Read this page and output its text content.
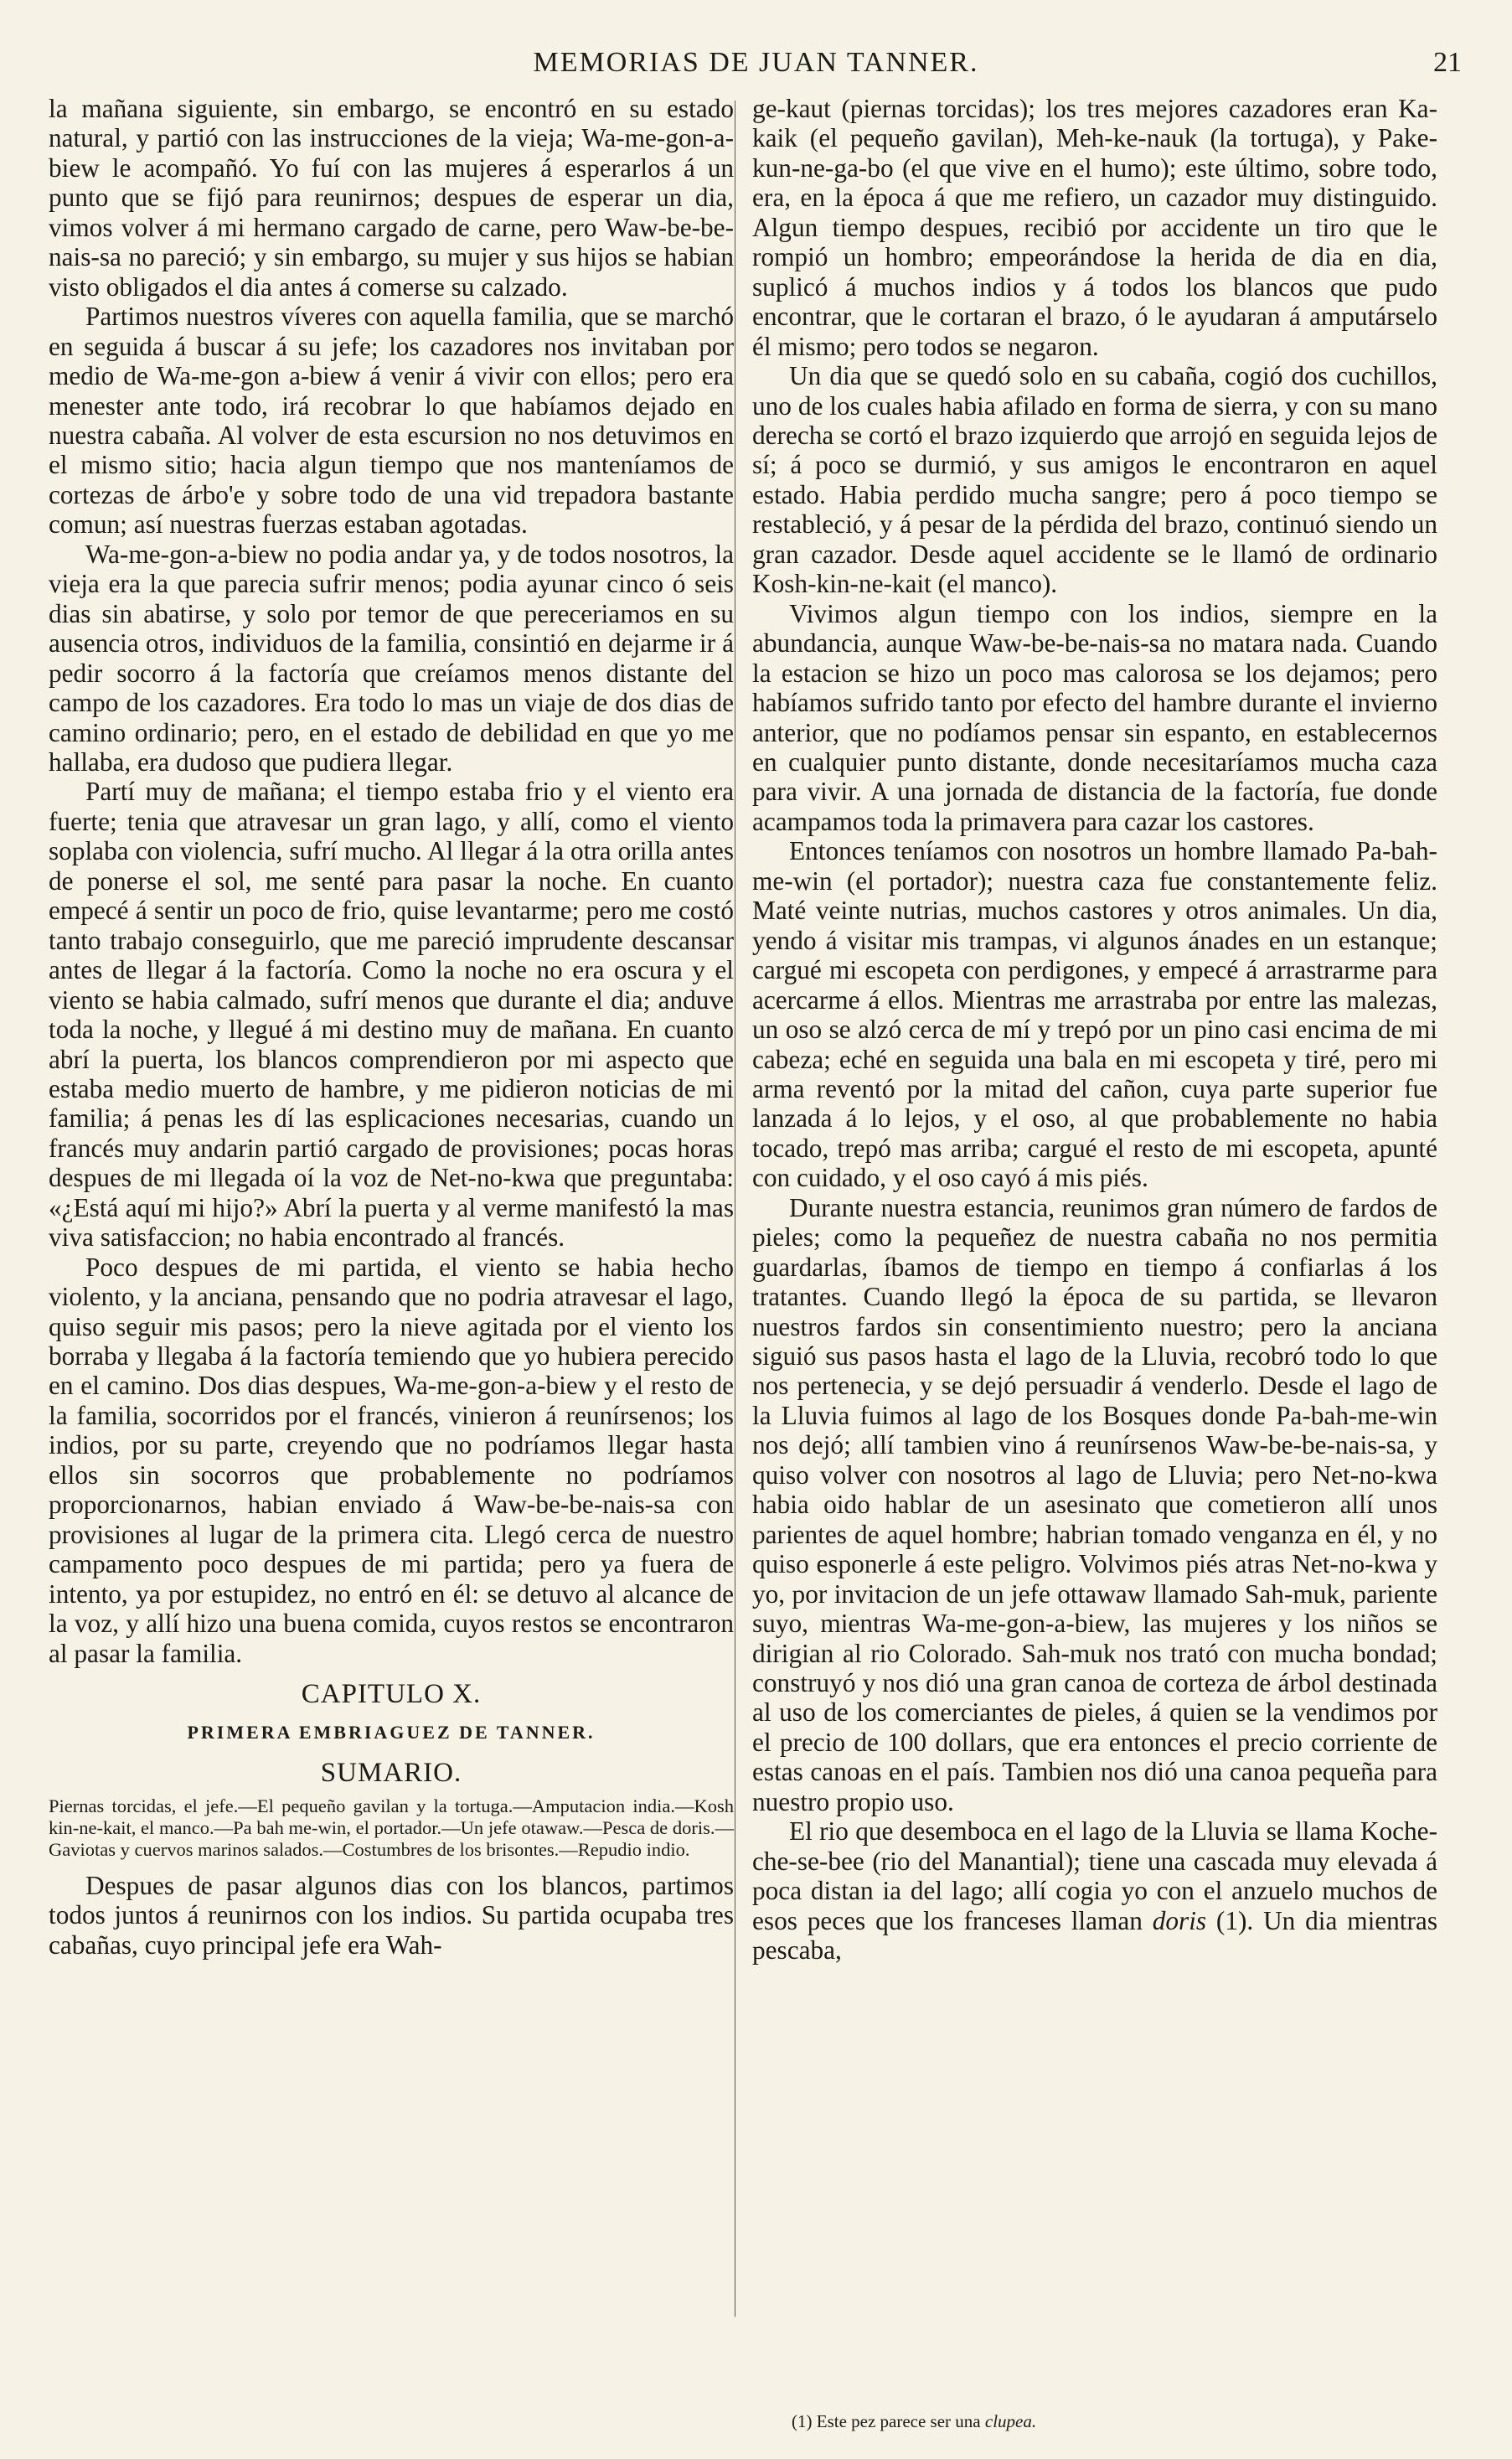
MEMORIAS DE JUAN TANNER.	21

la mañana siguiente, sin embargo, se encontró en su estado natural, y partió con las instrucciones de la vieja; Wa-me-gon-a-biew le acompañó. Yo fuí con las mujeres á esperarlos á un punto que se fijó para reunirnos; despues de esperar un dia, vimos volver á mi hermano cargado de carne, pero Waw-be-be-nais-sa no pareció; y sin embargo, su mujer y sus hijos se habian visto obligados el dia antes á comerse su calzado.

Partimos nuestros víveres con aquella familia, que se marchó en seguida á buscar á su jefe; los cazadores nos invitaban por medio de Wa-me-gon a-biew á venir á vivir con ellos; pero era menester ante todo, irá recobrar lo que habíamos dejado en nuestra cabaña. Al volver de esta escursion no nos detuvimos en el mismo sitio; hacia algun tiempo que nos manteníamos de cortezas de árbo'e y sobre todo de una vid trepadora bastante comun; así nuestras fuerzas estaban agotadas.

Wa-me-gon-a-biew no podia andar ya, y de todos nosotros, la vieja era la que parecia sufrir menos; podia ayunar cinco ó seis dias sin abatirse, y solo por temor de que pereceriamos en su ausencia otros, individuos de la familia, consintió en dejarme ir á pedir socorro á la factoría que creíamos menos distante del campo de los cazadores. Era todo lo mas un viaje de dos dias de camino ordinario; pero, en el estado de debilidad en que yo me hallaba, era dudoso que pudiera llegar.

Partí muy de mañana; el tiempo estaba frio y el viento era fuerte; tenia que atravesar un gran lago, y allí, como el viento soplaba con violencia, sufrí mucho. Al llegar á la otra orilla antes de ponerse el sol, me senté para pasar la noche. En cuanto empecé á sentir un poco de frio, quise levantarme; pero me costó tanto trabajo conseguirlo, que me pareció imprudente descansar antes de llegar á la factoría. Como la noche no era oscura y el viento se habia calmado, sufrí menos que durante el dia; anduve toda la noche, y llegué á mi destino muy de mañana. En cuanto abrí la puerta, los blancos comprendieron por mi aspecto que estaba medio muerto de hambre, y me pidieron noticias de mi familia; á penas les dí las esplicaciones necesarias, cuando un francés muy andarin partió cargado de provisiones; pocas horas despues de mi llegada oí la voz de Net-no-kwa que preguntaba: «¿Está aquí mi hijo?» Abrí la puerta y al verme manifestó la mas viva satisfaccion; no habia encontrado al francés.

Poco despues de mi partida, el viento se habia hecho violento, y la anciana, pensando que no podria atravesar el lago, quiso seguir mis pasos; pero la nieve agitada por el viento los borraba y llegaba á la factoría temiendo que yo hubiera perecido en el camino. Dos dias despues, Wa-me-gon-a-biew y el resto de la familia, socorridos por el francés, vinieron á reunírsenos; los indios, por su parte, creyendo que no podríamos llegar hasta ellos sin socorros que probablemente no podríamos proporcionarnos, habian enviado á Waw-be-be-nais-sa con provisiones al lugar de la primera cita. Llegó cerca de nuestro campamento poco despues de mi partida; pero ya fuera de intento, ya por estupidez, no entró en él: se detuvo al alcance de la voz, y allí hizo una buena comida, cuyos restos se encontraron al pasar la familia.

CAPITULO X.
PRIMERA EMBRIAGUEZ DE TANNER.
SUMARIO.
Piernas torcidas, el jefe.—El pequeño gavilan y la tortuga.—Amputacion india.—Kosh kin-ne-kait, el manco.—Pa bah me-win, el portador.—Un jefe otawaw.—Pesca de doris.—Gaviotas y cuervos marinos salados.—Costumbres de los brisontes.—Repudio indio.

Despues de pasar algunos dias con los blancos, partimos todos juntos á reunirnos con los indios. Su partida ocupaba tres cabañas, cuyo principal jefe era Wah-

ge-kaut (piernas torcidas); los tres mejores cazadores eran Ka-kaik (el pequeño gavilan), Meh-ke-nauk (la tortuga), y Pake-kun-ne-ga-bo (el que vive en el humo); este último, sobre todo, era, en la época á que me refiero, un cazador muy distinguido. Algun tiempo despues, recibió por accidente un tiro que le rompió un hombro; empeorándose la herida de dia en dia, suplicó á muchos indios y á todos los blancos que pudo encontrar, que le cortaran el brazo, ó le ayudaran á amputárselo él mismo; pero todos se negaron.

Un dia que se quedó solo en su cabaña, cogió dos cuchillos, uno de los cuales habia afilado en forma de sierra, y con su mano derecha se cortó el brazo izquierdo que arrojó en seguida lejos de sí; á poco se durmió, y sus amigos le encontraron en aquel estado. Habia perdido mucha sangre; pero á poco tiempo se restableció, y á pesar de la pérdida del brazo, continuó siendo un gran cazador. Desde aquel accidente se le llamó de ordinario Kosh-kin-ne-kait (el manco).

Vivimos algun tiempo con los indios, siempre en la abundancia, aunque Waw-be-be-nais-sa no matara nada. Cuando la estacion se hizo un poco mas calorosa se los dejamos; pero habíamos sufrido tanto por efecto del hambre durante el invierno anterior, que no podíamos pensar sin espanto, en establecernos en cualquier punto distante, donde necesitaríamos mucha caza para vivir. A una jornada de distancia de la factoría, fue donde acampamos toda la primavera para cazar los castores.

Entonces teníamos con nosotros un hombre llamado Pa-bah-me-win (el portador); nuestra caza fue constantemente feliz. Maté veinte nutrias, muchos castores y otros animales. Un dia, yendo á visitar mis trampas, vi algunos ánades en un estanque; cargué mi escopeta con perdigones, y empecé á arrastrarme para acercarme á ellos. Mientras me arrastraba por entre las malezas, un oso se alzó cerca de mí y trepó por un pino casi encima de mi cabeza; eché en seguida una bala en mi escopeta y tiré, pero mi arma reventó por la mitad del cañon, cuya parte superior fue lanzada á lo lejos, y el oso, al que probablemente no habia tocado, trepó mas arriba; cargué el resto de mi escopeta, apunté con cuidado, y el oso cayó á mis piés.

Durante nuestra estancia, reunimos gran número de fardos de pieles; como la pequeñez de nuestra cabaña no nos permitia guardarlas, íbamos de tiempo en tiempo á confiarlas á los tratantes. Cuando llegó la época de su partida, se llevaron nuestros fardos sin consentimiento nuestro; pero la anciana siguió sus pasos hasta el lago de la Lluvia, recobró todo lo que nos pertenecia, y se dejó persuadir á venderlo. Desde el lago de la Lluvia fuimos al lago de los Bosques donde Pa-bah-me-win nos dejó; allí tambien vino á reunírsenos Waw-be-be-nais-sa, y quiso volver con nosotros al lago de Lluvia; pero Net-no-kwa habia oido hablar de un asesinato que cometieron allí unos parientes de aquel hombre; habrian tomado venganza en él, y no quiso esponerle á este peligro. Volvimos piés atras Net-no-kwa y yo, por invitacion de un jefe ottawaw llamado Sah-muk, pariente suyo, mientras Wa-me-gon-a-biew, las mujeres y los niños se dirigian al rio Colorado. Sah-muk nos trató con mucha bondad; construyó y nos dió una gran canoa de corteza de árbol destinada al uso de los comerciantes de pieles, á quien se la vendimos por el precio de 100 dollars, que era entonces el precio corriente de estas canoas en el país. Tambien nos dió una canoa pequeña para nuestro propio uso.

El rio que desemboca en el lago de la Lluvia se llama Koche-che-se-bee (rio del Manantial); tiene una cascada muy elevada á poca distan ia del lago; allí cogia yo con el anzuelo muchos de esos peces que los franceses llaman doris (1). Un dia mientras pescaba,

(1) Este pez parece ser una clupea.
